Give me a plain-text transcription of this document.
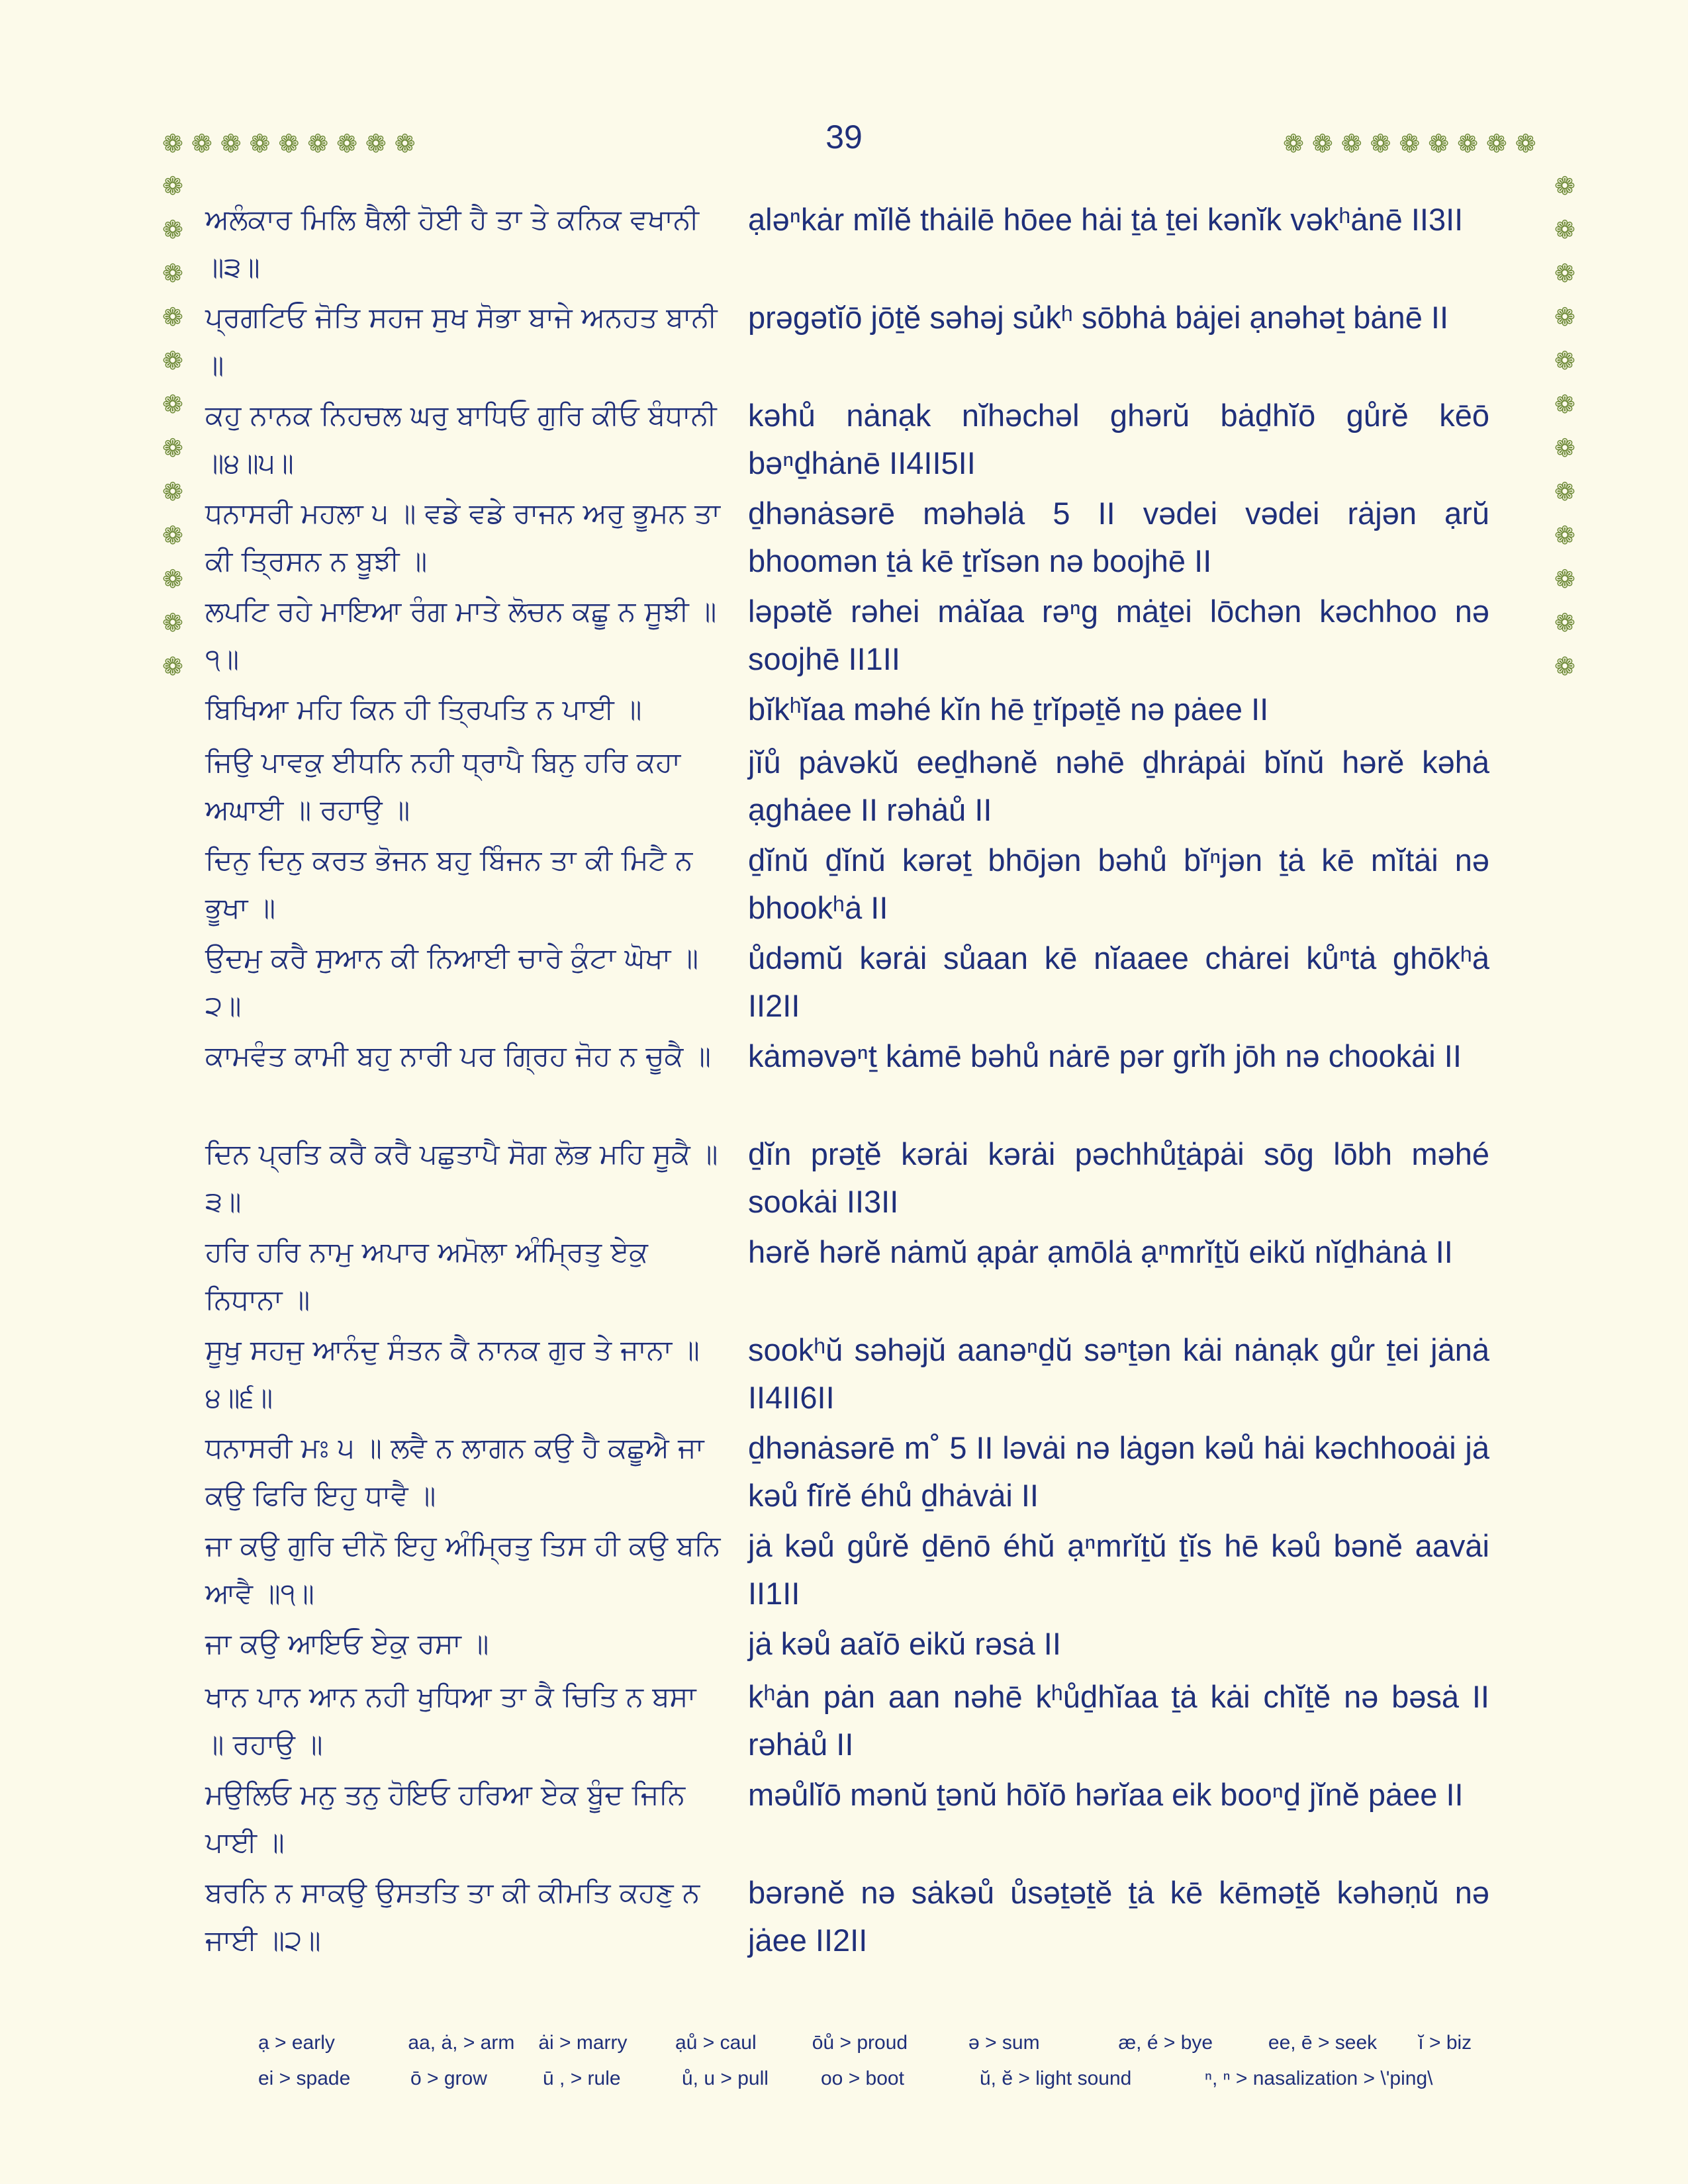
39
❁ ❁ ❁ ❁ ❁ ❁ ❁ ❁ ❁
❁
❁
❁
❁
❁
❁
❁
❁
❁
❁
❁
❁
❁ ❁ ❁ ❁ ❁ ❁ ❁ ❁ ❁
❁
❁
❁
❁
❁
❁
❁
❁
❁
❁
❁
❁
ਅਲੰਕਾਰ ਮਿਲਿ ਥੈਲੀ ਹੋਈ ਹੈ ਤਾ ਤੇ ਕਨਿਕ ਵਖਾਨੀ ॥੩॥
ạləⁿkȧr mĭlĕ thȧilē hōee hȧi ṯȧ ṯei kənĭk vəkʰȧnē II3II
ਪ੍ਰਗਟਿਓ ਜੋਤਿ ਸਹਜ ਸੁਖ ਸੋਭਾ ਬਾਜੇ ਅਨਹਤ ਬਾਨੀ ॥
prəgətĭō jōṯĕ səhəj sủkʰ sōbhȧ bȧjei ạnəhəṯ bȧnē II
ਕਹੁ ਨਾਨਕ ਨਿਹਚਲ ਘਰੁ ਬਾਧਿਓ ਗੁਰਿ ਕੀਓ ਬੰਧਾਨੀ ॥੪॥੫॥
kəhů nȧnạk nĭhəchəl ghərŭ bȧḏhĭō gůrĕ kēō bəⁿḏhȧnē II4II5II
ਧਨਾਸਰੀ ਮਹਲਾ ੫ ॥ ਵਡੇ ਵਡੇ ਰਾਜਨ ਅਰੁ ਭੂਮਨ ਤਾ ਕੀ ਤ੍ਰਿਸਨ ਨ ਬੂਝੀ ॥
ḏhənȧsərē məhəlȧ 5 II vədei vədei rȧjən ạrŭ bhoomən ṯȧ kē ṯrĭsən nə boojhē II
ਲਪਟਿ ਰਹੇ ਮਾਇਆ ਰੰਗ ਮਾਤੇ ਲੋਚਨ ਕਛੂ ਨ ਸੂਝੀ ॥੧॥
ləpətĕ rəhei mȧĭaa rəⁿg mȧṯei lōchən kəchhoo nə soojhē II1II
ਬਿਖਿਆ ਮਹਿ ਕਿਨ ਹੀ ਤ੍ਰਿਪਤਿ ਨ ਪਾਈ ॥	bĭkʰĭaa məhé kĭn hē ṯrĭpəṯĕ nə pȧee II
ਜਿਉ ਪਾਵਕੁ ਈਧਨਿ ਨਹੀ ਧ੍ਰਾਪੈ ਬਿਨੁ ਹਰਿ ਕਹਾ ਅਘਾਈ ॥ ਰਹਾਉ ॥
jĭů pȧvəkŭ eeḏhənĕ nəhē ḏhrȧpȧi bĭnŭ hərĕ kəhȧ ạghȧee II rəhȧů II
ਦਿਨੁ ਦਿਨੁ ਕਰਤ ਭੋਜਨ ਬਹੁ ਬਿੰਜਨ ਤਾ ਕੀ ਮਿਟੈ ਨ ਭੂਖਾ ॥
ḏĭnŭ ḏĭnŭ kərəṯ bhōjən bəhů bĭⁿjən ṯȧ kē mĭtȧi nə bhookʰȧ II
ਉਦਮੁ ਕਰੈ ਸੁਆਨ ਕੀ ਨਿਆਈ ਚਾਰੇ ਕੁੰਟਾ ਘੋਖਾ ॥੨॥
ůdəmŭ kərȧi sůaan kē nĭaaee chȧrei kůⁿtȧ ghōkʰȧ II2II
ਕਾਮਵੰਤ ਕਾਮੀ ਬਹੁ ਨਾਰੀ ਪਰ ਗ੍ਰਿਹ ਜੋਹ ਨ ਚੂਕੈ ॥	kȧməvəⁿṯ kȧmē bəhů nȧrē pər grĭh jōh nə chookȧi II
ਦਿਨ ਪ੍ਰਤਿ ਕਰੈ ਕਰੈ ਪਛੁਤਾਪੈ ਸੋਗ ਲੋਭ ਮਹਿ ਸੂਕੈ ॥੩॥
ḏĭn prəṯĕ kərȧi kərȧi pəchhůṯȧpȧi sōg lōbh məhé sookȧi II3II
ਹਰਿ ਹਰਿ ਨਾਮੁ ਅਪਾਰ ਅਮੋਲਾ ਅੰਮ੍ਰਿਤੁ ਏਕੁ ਨਿਧਾਨਾ ॥
hərĕ hərĕ nȧmŭ ạpȧr ạmōlȧ ạⁿmrĭṯŭ eikŭ nĭḏhȧnȧ II
ਸੂਖੁ ਸਹਜੁ ਆਨੰਦੁ ਸੰਤਨ ਕੈ ਨਾਨਕ ਗੁਰ ਤੇ ਜਾਨਾ ॥੪॥੬॥
sookʰŭ səhəjŭ aanəⁿḏŭ səⁿṯən kȧi nȧnạk gůr ṯei jȧnȧ II4II6II
ਧਨਾਸਰੀ ਮਃ ੫ ॥ ਲਵੈ ਨ ਲਾਗਨ ਕਉ ਹੈ ਕਛੂਐ ਜਾ ਕਉ ਫਿਰਿ ਇਹੁ ਧਾਵੈ ॥
ḏhənȧsərē m˚ 5 II ləvȧi nə lȧgən kəů hȧi kəchhooȧi jȧ kəů fĭrĕ éhů ḏhȧvȧi II
ਜਾ ਕਉ ਗੁਰਿ ਦੀਨੋ ਇਹੁ ਅੰਮ੍ਰਿਤੁ ਤਿਸ ਹੀ ਕਉ ਬਨਿ ਆਵੈ ॥੧॥
jȧ kəů gůrĕ ḏēnō éhŭ ạⁿmrĭṯŭ ṯĭs hē kəů bənĕ aavȧi II1II
ਜਾ ਕਉ ਆਇਓ ਏਕੁ ਰਸਾ ॥	jȧ kəů aaĭō eikŭ rəsȧ II
ਖਾਨ ਪਾਨ ਆਨ ਨਹੀ ਖੁਧਿਆ ਤਾ ਕੈ ਚਿਤਿ ਨ ਬਸਾ ॥ ਰਹਾਉ ॥
kʰȧn pȧn aan nəhē kʰůḏhĭaa ṯȧ kȧi chĭṯĕ nə bəsȧ II rəhȧů II
ਮਉਲਿਓ ਮਨੁ ਤਨੁ ਹੋਇਓ ਹਰਿਆ ਏਕ ਬੂੰਦ ਜਿਨਿ ਪਾਈ ॥
məůlĭō mənŭ ṯənŭ hōĭō hərĭaa eik booⁿḏ jĭnĕ pȧee II
ਬਰਨਿ ਨ ਸਾਕਉ ਉਸਤਤਿ ਤਾ ਕੀ ਕੀਮਤਿ ਕਹਣੁ ਨ ਜਾਈ ॥੨॥
bərənĕ nə sȧkəů ůsəṯəṯĕ ṯȧ kē kēməṯĕ kəhəṇŭ nə jȧee II2II
ạ > early	aa, ȧ, > arm	ȧi > marry	ạů > caul	ōů > proud	ə > sum	æ, é > bye	ee, ē > seek	ĭ > biz
ei > spade	ō > grow	ū , > rule	ů, u > pull	oo > boot	ŭ, ĕ > light sound	ⁿ, ⁿ > nasalization > \'ping\
